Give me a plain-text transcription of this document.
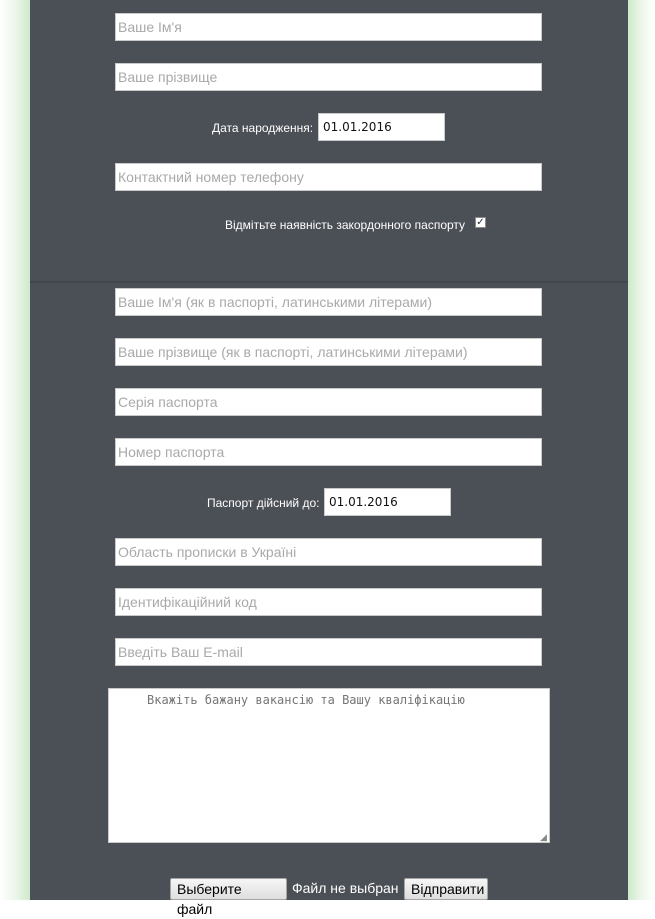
Ваше Ім'я
Ваше прізвище
Дата народження: 01.01.2016
Контактний номер телефону
Відмітьте наявність закордонного паспорту ✓
Ваше Ім'я (як в паспорті, латинськими літерами)
Ваше прізвище (як в паспорті, латинськими літерами)
Серія паспорта
Номер паспорта
Паспорт дійсний до: 01.01.2016
Область прописки в Україні
Ідентифікаційний код
Введіть Ваш E-mail
Вкажіть бажану вакансію та Вашу кваліфікацію
◢
Выберите файл
Файл не выбран Відправити
